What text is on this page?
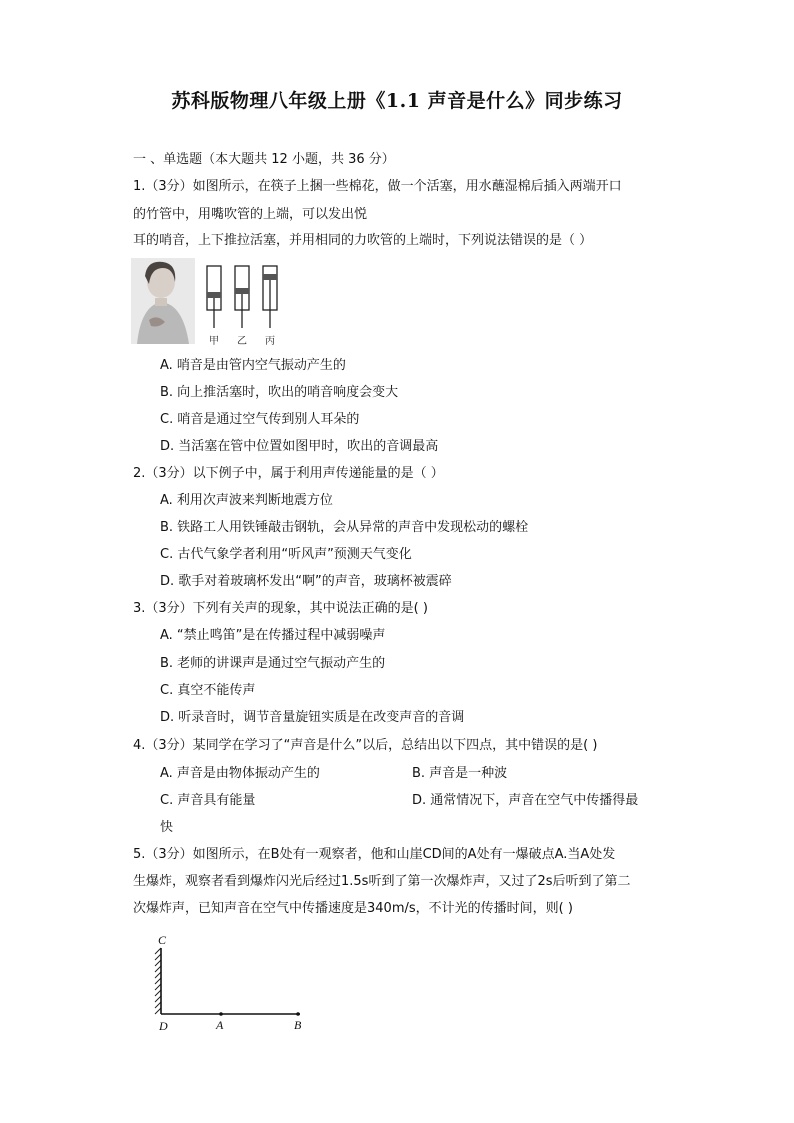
苏科版物理八年级上册《1.1 声音是什么》同步练习
一 、单选题（本大题共 12 小题，共 36 分）
1.（3分）如图所示，在筷子上捆一些棉花，做一个活塞，用水蘸湿棉后插入两端开口
的竹管中，用嘴吹管的上端，可以发出悦
耳的哨音，上下推拉活塞，并用相同的力吹管的上端时，下列说法错误的是（ ）
甲 乙 丙
A. 哨音是由管内空气振动产生的
B. 向上推活塞时，吹出的哨音响度会变大
C. 哨音是通过空气传到别人耳朵的
D. 当活塞在管中位置如图甲时，吹出的音调最高
2.（3分）以下例子中，属于利用声传递能量的是（ ）
A. 利用次声波来判断地震方位
B. 铁路工人用铁锤敲击钢轨，会从异常的声音中发现松动的螺栓
C. 古代气象学者利用“听风声”预测天气变化
D. 歌手对着玻璃杯发出“啊”的声音，玻璃杯被震碎
3.（3分）下列有关声的现象，其中说法正确的是( )
A. “禁止鸣笛”是在传播过程中减弱噪声
B. 老师的讲课声是通过空气振动产生的
C. 真空不能传声
D. 听录音时，调节音量旋钮实质是在改变声音的音调
4.（3分）某同学在学习了“声音是什么”以后，总结出以下四点，其中错误的是( )
A. 声音是由物体振动产生的	B. 声音是一种波
C. 声音具有能量	D. 通常情况下，声音在空气中传播得最
快
5.（3分）如图所示，在B处有一观察者，他和山崖CD间的A处有一爆破点A.当A处发
生爆炸，观察者看到爆炸闪光后经过1.5s听到了第一次爆炸声，又过了2s后听到了第二
次爆炸声，已知声音在空气中传播速度是340m/s，不计光的传播时间，则( )
C
D	A	B
